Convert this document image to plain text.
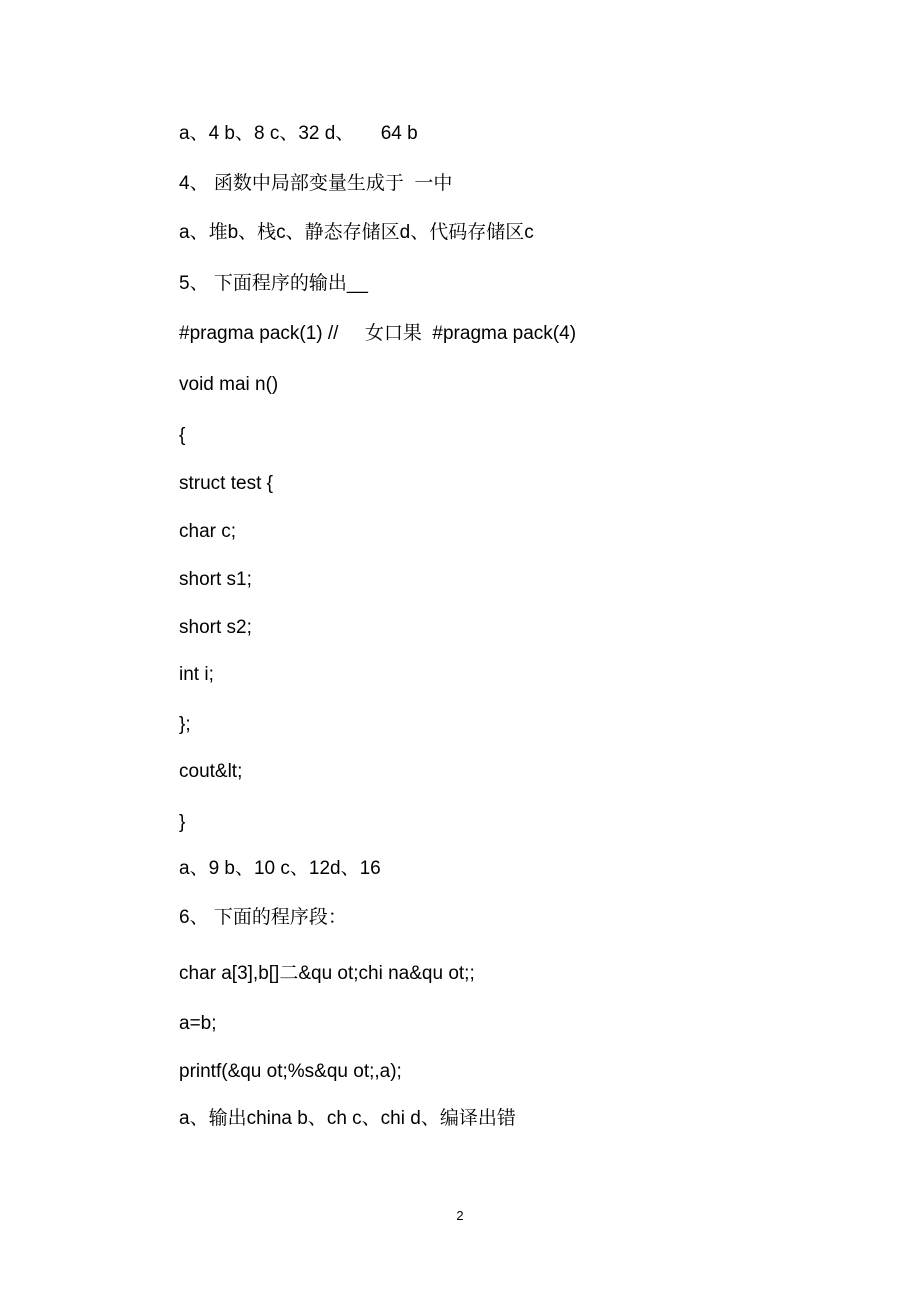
a、4 b、8 c、32 d、     64 b
4、 函数中局部变量生成于  一中
a、堆b、栈c、静态存储区d、代码存储区c
5、 下面程序的输出__
#pragma pack(1) //     女口果  #pragma pack(4)
void mai n()
{
struct test {
char c;
short s1;
short s2;
int i;
};
cout&lt;
}
a、9 b、10 c、12d、16
6、 下面的程序段：
char a[3],b[]二&qu ot;chi na&qu ot;;
a=b;
printf(&qu ot;%s&qu ot;,a);
a、输出china b、ch c、chi d、编译出错
2
